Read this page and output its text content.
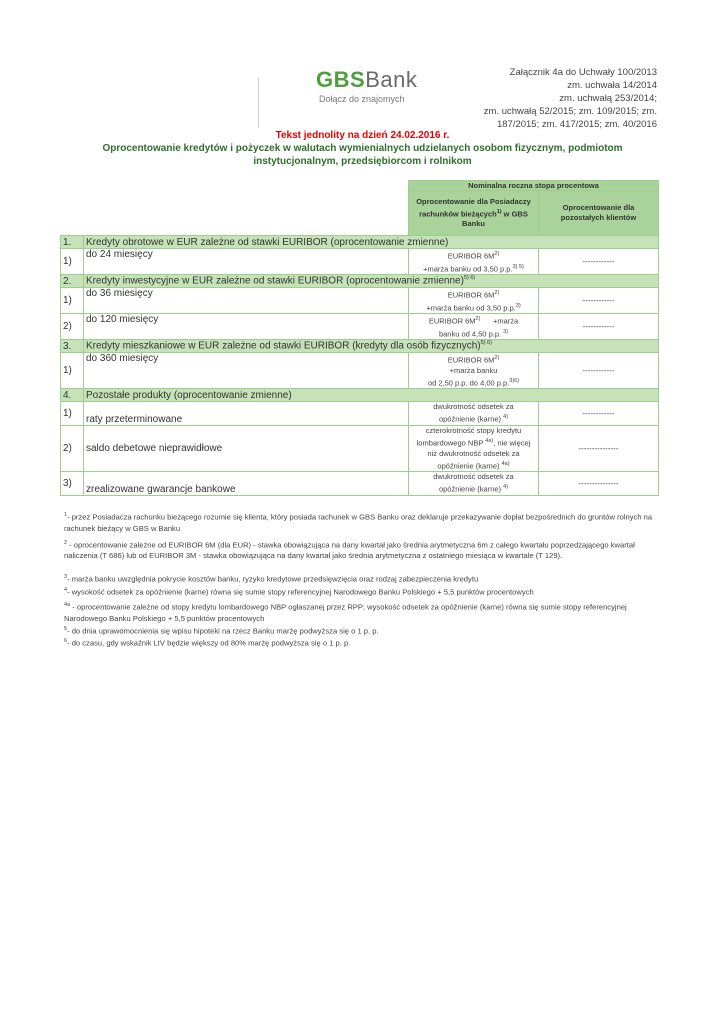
GBSBank
Dołącz do znajomych
Załącznik 4a do Uchwały 100/2013
zm. uchwała 14/2014
zm. uchwałą 253/2014;
zm. uchwałą 52/2015; zm. 109/2015; zm.
187/2015; zm. 417/2015; zm. 40/2016
Tekst jednolity na dzień 24.02.2016 r.
Oprocentowanie kredytów i pożyczek w walutach wymienialnych udzielanych osobom fizycznym, podmiotom instytucjonalnym, przedsiębiorcom i rolnikom
		Nominalna roczna stopa procentowa	
		Oprocentowanie dla Posiadaczy rachunków bieżących$^{1)}$ w GBS Banku	Oprocentowanie dla pozostałych klientów
1.	Kredyty obrotowe w EUR zależne od stawki EURIBOR (oprocentowanie zmienne)		
1)	do 24 miesięcy	EURIBOR $6M^{2)}$
+marża banku od 3,50 p.p.$^{3) 5)}$	------------
2.	Kredyty inwestycyjne w EUR zależne od stawki EURIBOR (oprocentowanie zmienne)$^{5) 6)}$
1)	do 36 miesięcy	EURIBOR $6M^{2)}$
+marża banku od 3,50 p.p.$^{3)}$	------------
2)	do 120 miesięcy	EURIBOR $6M^{2)}$ +marża
banku od 4,50 p.p. $^{3)}$	------------
3.	Kredyty mieszkaniowe w EUR zależne od stawki EURIBOR (kredyty dla osób fizycznych)$^{5) 6)}$
1)	do 360 miesięcy	EURIBOR $6M^{2)}$
+marża banku
od 2,50 p.p. do 4,00 p.p.$^{3)6)}$	------------
4.	Pozostałe produkty (oprocentowanie zmienne)		
1)	raty przeterminowane	dwukrotność odsetek za
opóźnienie (karne) $^{4)}$	------------
2)	saldo debetowe nieprawidłowe	czterokrotność stopy kredytu
lombardowego NBP $^{4a)}$, nie więcej
niż dwukrotność odsetek za
opóźnienie (karne) $^{4a)}$	---------------
3)	zrealizowane gwarancje bankowe	dwukrotność odsetek za
opóźnienie (karne) $^{4)}$	---------------

$^1$- przez Posiadacza rachunku bieżącego rozumie się klienta, który posiada rachunek w GBS Banku oraz deklaruje przekazywanie dopłat bezpośrednich do gruntów rolnych na rachunek bieżący w GBS w Banku

$^2$ - oprocentowanie zależne od EURIBOR 6M (dla EUR) - stawka obowiązująca na dany kwartał jako średnia arytmetyczna 6m z całego kwartału poprzedzającego kwartał naliczenia (T 686) lub od EURIBOR 3M - stawka obowiązująca na dany kwartał jako średnia arytmetyczna z ostatniego miesiąca w kwartale (T 129).

$^3$- marża banku uwzględnia pokrycie kosztów banku, ryzyko kredytowe przedsięwzięcia oraz rodzaj zabezpieczenia kredytu

$^4$- wysokość odsetek za opóźnienie (karne) równa się sumie stopy referencyjnej Narodowego Banku Polskiego + 5,5 punktów procentowych

$^{4a}$ - oprocentowanie zależne od stopy kredytu lombardowego NBP ogłaszanej przez RPP; wysokość odsetek za opóźnienie (karne) równa się sumie stopy referencyjnej Narodowego Banku Polskiego + 5,5 punktów procentowych

$^5$- do dnia uprawomocnienia się wpisu hipoteki na rzecz Banku marżę podwyższa się o 1 p. p.

$^6$- do czasu, gdy wskaźnik LtV będzie większy od 80% marżę podwyższa się o 1 p. p.
